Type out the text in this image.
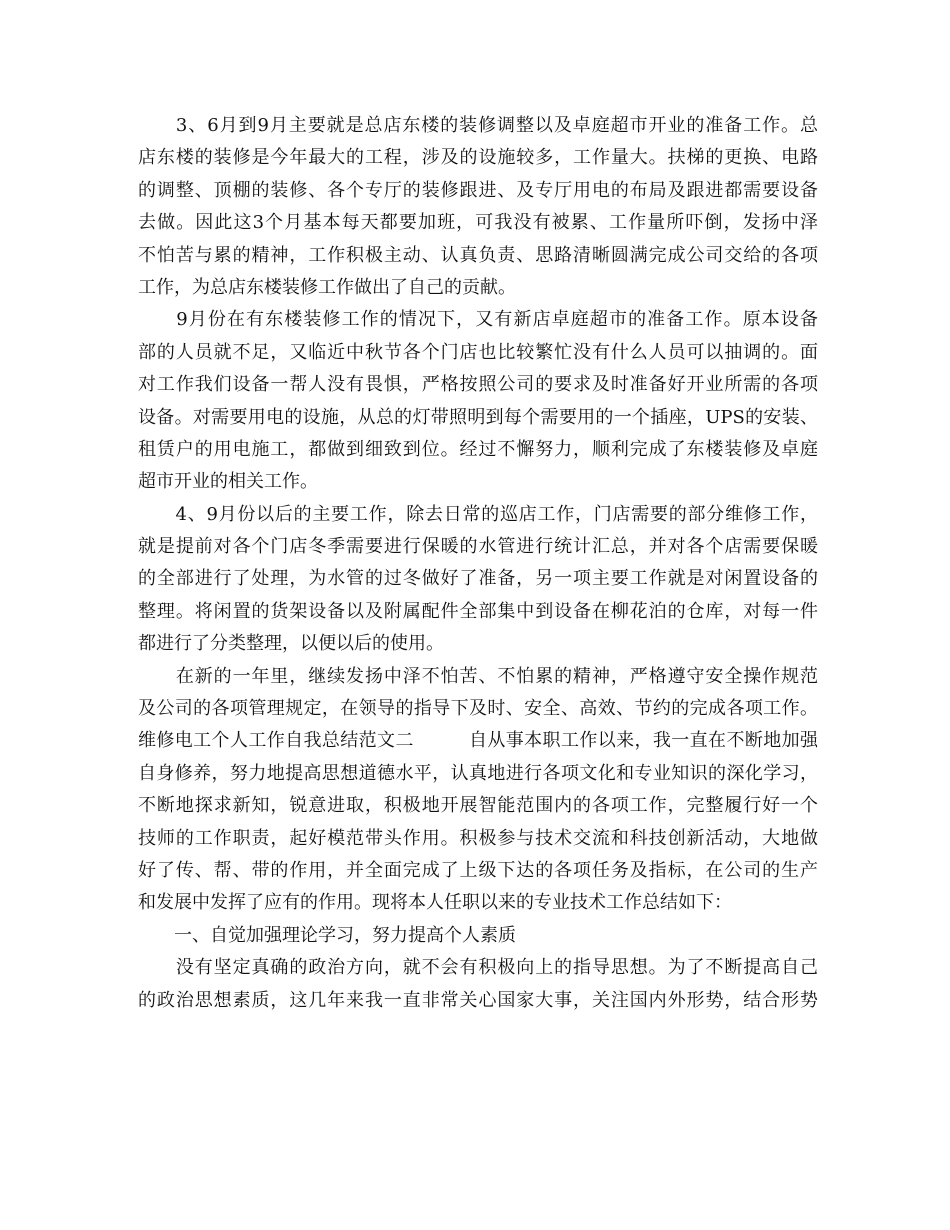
　　3、6月到9月主要就是总店东楼的装修调整以及卓庭超市开业的准备工作。总
店东楼的装修是今年最大的工程，涉及的设施较多，工作量大。扶梯的更换、电路
的调整、顶棚的装修、各个专厅的装修跟进、及专厅用电的布局及跟进都需要设备
去做。因此这3个月基本每天都要加班，可我没有被累、工作量所吓倒，发扬中泽
不怕苦与累的精神，工作积极主动、认真负责、思路清晰圆满完成公司交给的各项
工作，为总店东楼装修工作做出了自己的贡献。
　　9月份在有东楼装修工作的情况下，又有新店卓庭超市的准备工作。原本设备
部的人员就不足，又临近中秋节各个门店也比较繁忙没有什么人员可以抽调的。面
对工作我们设备一帮人没有畏惧，严格按照公司的要求及时准备好开业所需的各项
设备。对需要用电的设施，从总的灯带照明到每个需要用的一个插座，UPS的安装、
租赁户的用电施工，都做到细致到位。经过不懈努力，顺利完成了东楼装修及卓庭
超市开业的相关工作。
　　4、9月份以后的主要工作，除去日常的巡店工作，门店需要的部分维修工作，
就是提前对各个门店冬季需要进行保暖的水管进行统计汇总，并对各个店需要保暖
的全部进行了处理，为水管的过冬做好了准备，另一项主要工作就是对闲置设备的
整理。将闲置的货架设备以及附属配件全部集中到设备在柳花泊的仓库，对每一件
都进行了分类整理，以便以后的使用。
　　在新的一年里，继续发扬中泽不怕苦、不怕累的精神，严格遵守安全操作规范
及公司的各项管理规定，在领导的指导下及时、安全、高效、节约的完成各项工作。
维修电工个人工作自我总结范文二　　　自从事本职工作以来，我一直在不断地加强
自身修养，努力地提高思想道德水平，认真地进行各项文化和专业知识的深化学习，
不断地探求新知，锐意进取，积极地开展智能范围内的各项工作，完整履行好一个
技师的工作职责，起好模范带头作用。积极参与技术交流和科技创新活动，大地做
好了传、帮、带的作用，并全面完成了上级下达的各项任务及指标，在公司的生产
和发展中发挥了应有的作用。现将本人任职以来的专业技术工作总结如下：
　　一、自觉加强理论学习，努力提高个人素质
　　没有坚定真确的政治方向，就不会有积极向上的指导思想。为了不断提高自己
的政治思想素质，这几年来我一直非常关心国家大事，关注国内外形势，结合形势
